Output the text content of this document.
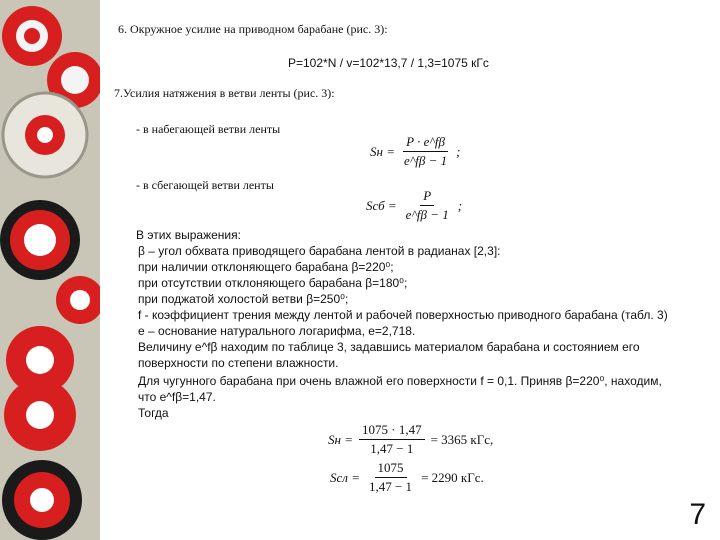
6. Окружное усилие на приводном барабане (рис. 3):
P=102*N / v=102*13,7 / 1,3=1075 кГс
7.Усилия натяжения в ветви ленты (рис. 3):
- в набегающей ветви ленты
Sн = $\frac{P \cdot e\^{}f\beta}{e\^{}f\beta - 1}$ ;
- в сбегающей ветви ленты
Sсб = $\frac{P}{e\^{}f\beta - 1}$ ;
В этих выражения:
β – угол обхвата приводящего барабана лентой в радианах [2,3]:
при наличии отклоняющего барабана β=220⁰;
при отсутствии отклоняющего барабана β=180⁰;
при поджатой холостой ветви β=250⁰;
f - коэффициент трения между лентой и рабочей поверхностью приводного барабана (табл. 3)
е – основание натурального логарифма, е=2,718.
Величину e^fβ находим по таблице 3, задавшись материалом барабана и состоянием его
поверхности по степени влажности.
Для чугунного барабана при очень влажной его поверхности f = 0,1. Приняв β=220⁰, находим,
что e^fβ=1,47.
Тогда
Sн = $\frac{1075 \cdot 1,47}{1,47 - 1} = 3365$ кГс,
Sсл = $\frac{1075}{1,47 - 1} = 2290$ кГс.
7
